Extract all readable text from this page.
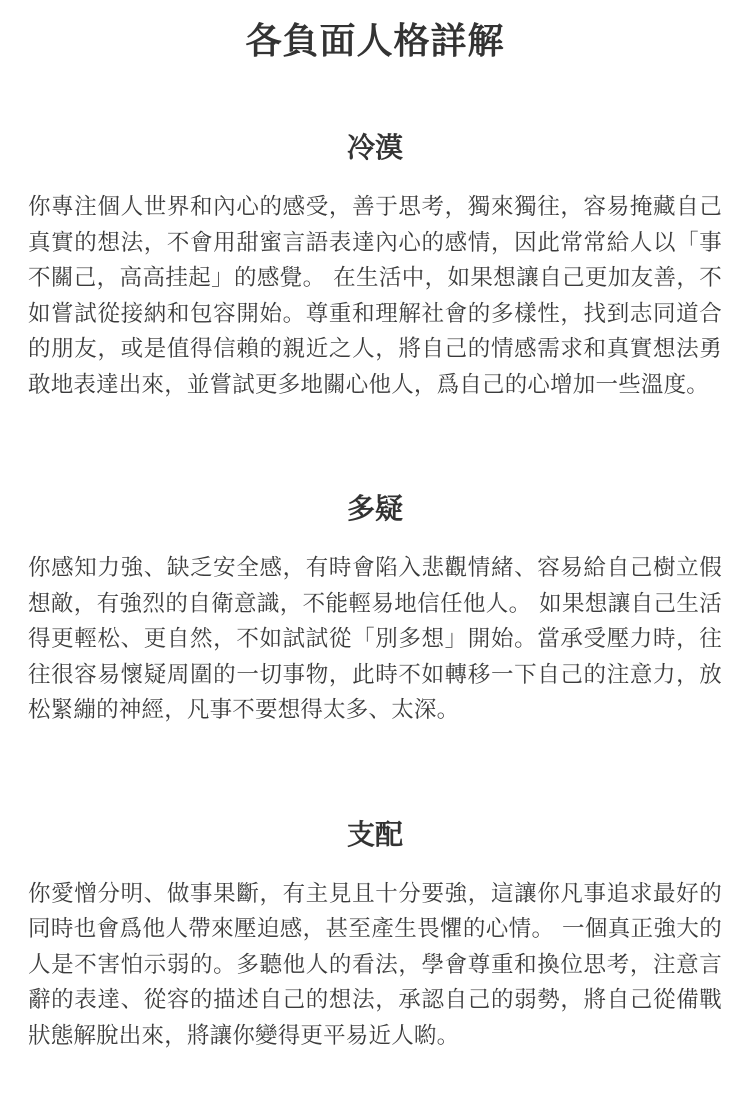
各負面人格詳解
冷漠

你專注個人世界和內心的感受，善于思考，獨來獨往，容易掩藏自己真實的想法，不會用甜蜜言語表達內心的感情，因此常常給人以「事不關己，高高挂起」的感覺。 在生活中，如果想讓自己更加友善，不如嘗試從接納和包容開始。尊重和理解社會的多樣性，找到志同道合的朋友，或是值得信賴的親近之人，將自己的情感需求和真實想法勇敢地表達出來，並嘗試更多地關心他人，爲自己的心增加一些溫度。

多疑

你感知力強、缺乏安全感，有時會陷入悲觀情緒、容易給自己樹立假想敵，有強烈的自衛意識，不能輕易地信任他人。 如果想讓自己生活得更輕松、更自然，不如試試從「別多想」開始。當承受壓力時，往往很容易懷疑周圍的一切事物，此時不如轉移一下自己的注意力，放松緊繃的神經，凡事不要想得太多、太深。

支配

你愛憎分明、做事果斷，有主見且十分要強，這讓你凡事追求最好的同時也會爲他人帶來壓迫感，甚至產生畏懼的心情。 一個真正強大的人是不害怕示弱的。多聽他人的看法，學會尊重和換位思考，注意言辭的表達、從容的描述自己的想法，承認自己的弱勢，將自己從備戰狀態解脫出來，將讓你變得更平易近人喲。
